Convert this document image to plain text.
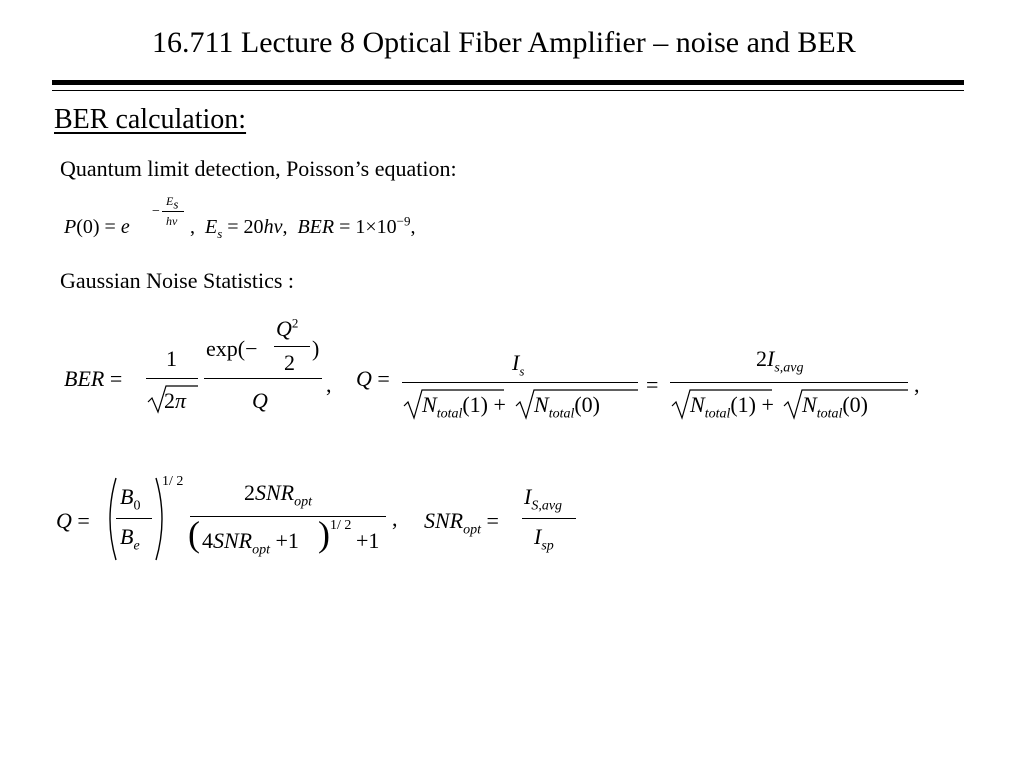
16.711 Lecture 8 Optical Fiber Amplifier – noise and BER
BER calculation:
Quantum limit detection, Poisson’s equation:
P(0) = e
−
$E_s$
hν ,  $E_s = 20hv$,  BER = $1\times 10^{-9}$,
Gaussian Noise Statistics :
BER =
1
2π
exp(−
$Q^2$
2
)
Q
, Q =
$I_s$
$N_{total}(1) + N_{total}(0)$
=
$2I_{s,avg}$
$N_{total}(1) + N_{total}(0)$
,
Q =
$B_0$
$B_e$
1/ 2	$2SNR_{opt}$
( $4SNR_{opt} +1$ ) 1/ 2
+1
, $SNR_{opt}$ =
$I_{S,avg}$
$I_{sp}$
